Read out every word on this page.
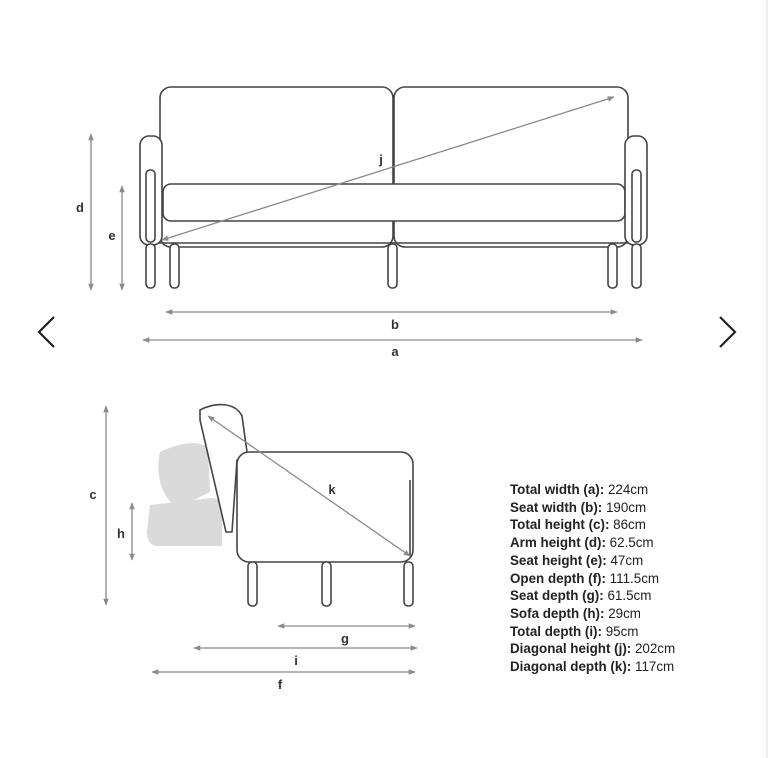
j
d
e
b
a
k
c
h
g
i
f
Total width (a): 224cm
Seat width (b): 190cm
Total height (c): 86cm
Arm height (d): 62.5cm
Seat height (e): 47cm
Open depth (f): 111.5cm
Seat depth (g): 61.5cm
Sofa depth (h): 29cm
Total depth (i): 95cm
Diagonal height (j): 202cm
Diagonal depth (k): 117cm
